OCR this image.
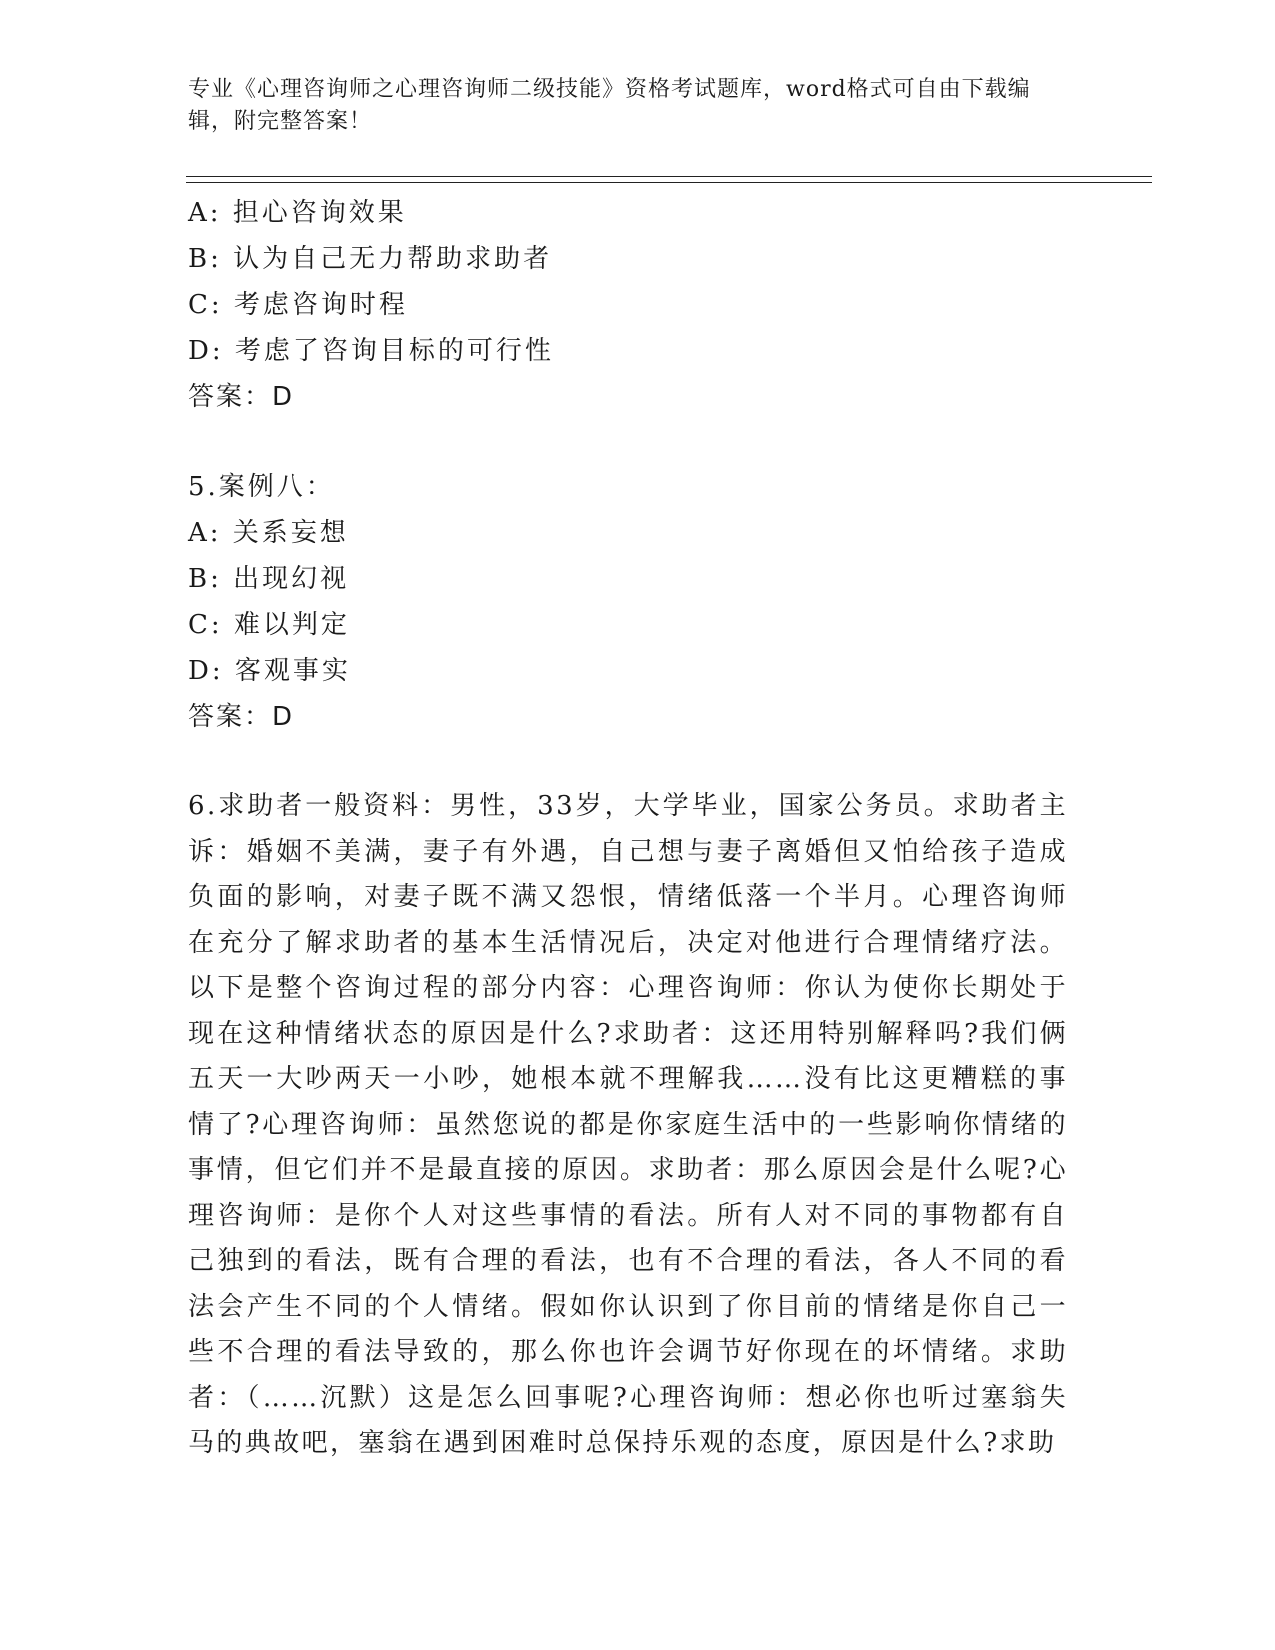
专业《心理咨询师之心理咨询师二级技能》资格考试题库，word格式可自由下载编辑，附完整答案！
A: 担心咨询效果
B: 认为自己无力帮助求助者
C: 考虑咨询时程
D: 考虑了咨询目标的可行性
答案：D
5.案例八：
A: 关系妄想
B: 出现幻视
C: 难以判定
D: 客观事实
答案：D
6.求助者一般资料：男性，33岁，大学毕业，国家公务员。求助者主诉：婚姻不美满，妻子有外遇，自己想与妻子离婚但又怕给孩子造成负面的影响，对妻子既不满又怨恨，情绪低落一个半月。心理咨询师在充分了解求助者的基本生活情况后，决定对他进行合理情绪疗法。以下是整个咨询过程的部分内容：心理咨询师：你认为使你长期处于现在这种情绪状态的原因是什么?求助者：这还用特别解释吗?我们俩五天一大吵两天一小吵，她根本就不理解我……没有比这更糟糕的事情了?心理咨询师：虽然您说的都是你家庭生活中的一些影响你情绪的事情，但它们并不是最直接的原因。求助者：那么原因会是什么呢?心理咨询师：是你个人对这些事情的看法。所有人对不同的事物都有自己独到的看法，既有合理的看法，也有不合理的看法，各人不同的看法会产生不同的个人情绪。假如你认识到了你目前的情绪是你自己一些不合理的看法导致的，那么你也许会调节好你现在的坏情绪。求助者：（……沉默）这是怎么回事呢?心理咨询师：想必你也听过塞翁失马的典故吧，塞翁在遇到困难时总保持乐观的态度，原因是什么?求助
